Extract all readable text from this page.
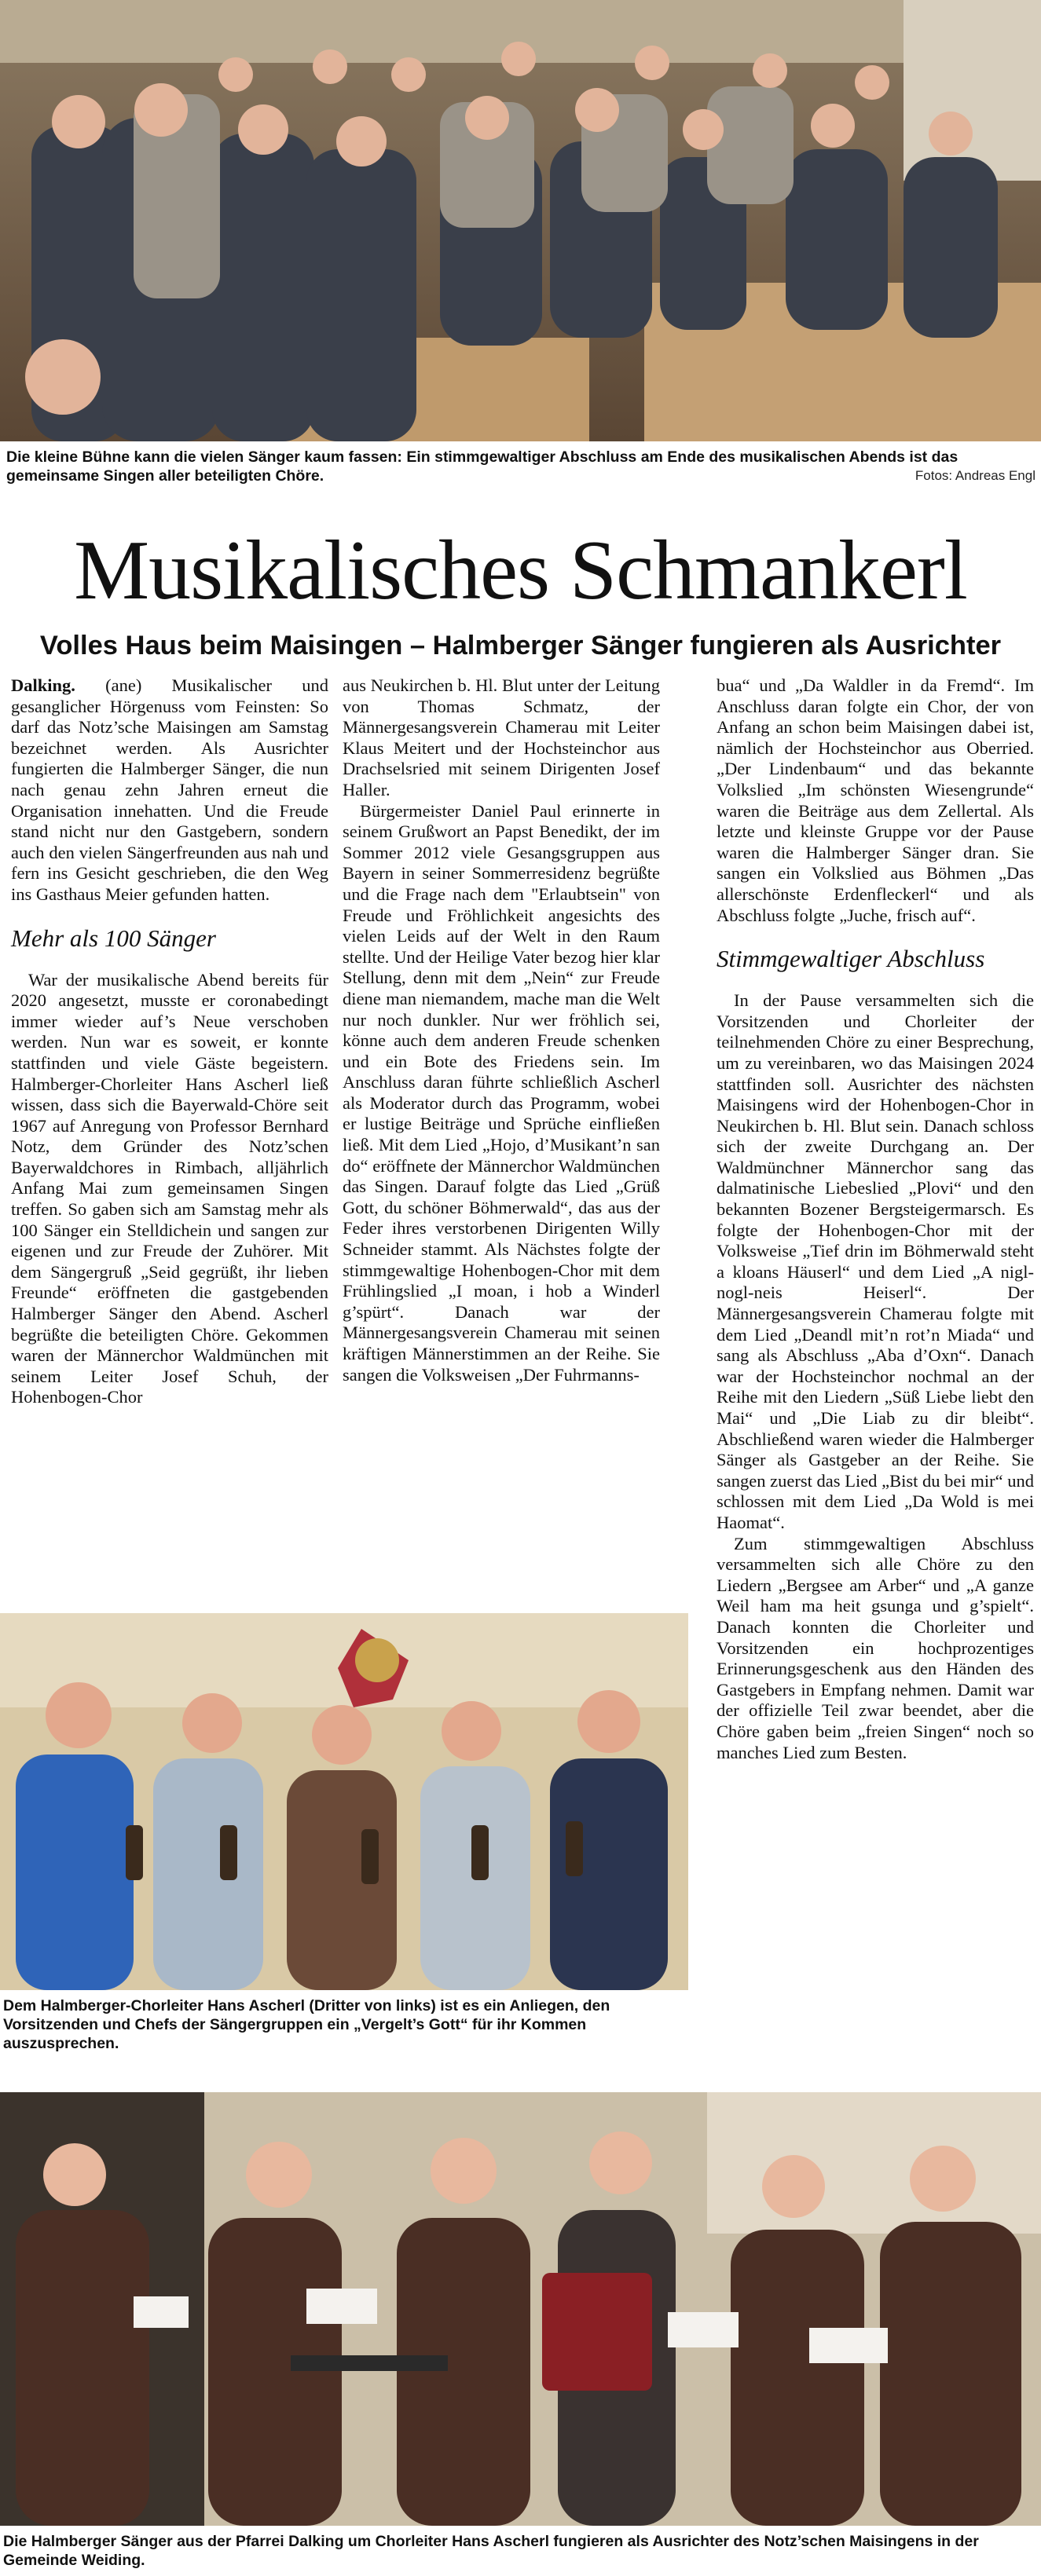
Die kleine Bühne kann die vielen Sänger kaum fassen: Ein stimmgewaltiger Abschluss am Ende des musikalischen Abends ist das gemeinsame Singen aller beteiligten Chöre.	Fotos: Andreas Engl
Musikalisches Schmankerl
Volles Haus beim Maisingen – Halmberger Sänger fungieren als Ausrichter

Dalking. (ane) Musikalischer und gesanglicher Hörgenuss vom Feinsten: So darf das Notz’sche Maisingen am Samstag bezeichnet werden. Als Ausrichter fungierten die Halmberger Sänger, die nun nach genau zehn Jahren erneut die Organisation innehatten. Und die Freude stand nicht nur den Gastgebern, sondern auch den vielen Sängerfreunden aus nah und fern ins Gesicht geschrieben, die den Weg ins Gasthaus Meier gefunden hatten.

Mehr als 100 Sänger

War der musikalische Abend bereits für 2020 angesetzt, musste er coronabedingt immer wieder auf’s Neue verschoben werden. Nun war es soweit, er konnte stattfinden und viele Gäste begeistern. Halmberger-Chorleiter Hans Ascherl ließ wissen, dass sich die Bayerwald-Chöre seit 1967 auf Anregung von Professor Bernhard Notz, dem Gründer des Notz’schen Bayerwaldchores in Rimbach, alljährlich Anfang Mai zum gemeinsamen Singen treffen. So gaben sich am Samstag mehr als 100 Sänger ein Stelldichein und sangen zur eigenen und zur Freude der Zuhörer. Mit dem Sängergruß „Seid gegrüßt, ihr lieben Freunde“ eröffneten die gastgebenden Halmberger Sänger den Abend. Ascherl begrüßte die beteiligten Chöre. Gekommen waren der Männerchor Waldmünchen mit seinem Leiter Josef Schuh, der Hohenbogen-Chor

aus Neukirchen b. Hl. Blut unter der Leitung von Thomas Schmatz, der Männergesangsverein Chamerau mit Leiter Klaus Meitert und der Hochsteinchor aus Drachselsried mit seinem Dirigenten Josef Haller.

Bürgermeister Daniel Paul erinnerte in seinem Grußwort an Papst Benedikt, der im Sommer 2012 viele Gesangsgruppen aus Bayern in seiner Sommerresidenz begrüßte und die Frage nach dem "Erlaubtsein" von Freude und Fröhlichkeit angesichts des vielen Leids auf der Welt in den Raum stellte. Und der Heilige Vater bezog hier klar Stellung, denn mit dem „Nein“ zur Freude diene man niemandem, mache man die Welt nur noch dunkler. Nur wer fröhlich sei, könne auch dem anderen Freude schenken und ein Bote des Friedens sein. Im Anschluss daran führte schließlich Ascherl als Moderator durch das Programm, wobei er lustige Beiträge und Sprüche einfließen ließ. Mit dem Lied „Hojo, d’Musikant’n san do“ eröffnete der Männerchor Waldmünchen das Singen. Darauf folgte das Lied „Grüß Gott, du schöner Böhmerwald“, das aus der Feder ihres verstorbenen Dirigenten Willy Schneider stammt. Als Nächstes folgte der stimmgewaltige Hohenbogen-Chor mit dem Frühlingslied „I moan, i hob a Winderl g’spürt“. Danach war der Männergesangsverein Chamerau mit seinen kräftigen Männerstimmen an der Reihe. Sie sangen die Volksweisen „Der Fuhrmanns-

bua“ und „Da Waldler in da Fremd“. Im Anschluss daran folgte ein Chor, der von Anfang an schon beim Maisingen dabei ist, nämlich der Hochsteinchor aus Oberried. „Der Lindenbaum“ und das bekannte Volkslied „Im schönsten Wiesengrunde“ waren die Beiträge aus dem Zellertal. Als letzte und kleinste Gruppe vor der Pause waren die Halmberger Sänger dran. Sie sangen ein Volkslied aus Böhmen „Das allerschönste Erdenfleckerl“ und als Abschluss folgte „Juche, frisch auf“.

Stimmgewaltiger Abschluss

In der Pause versammelten sich die Vorsitzenden und Chorleiter der teilnehmenden Chöre zu einer Besprechung, um zu vereinbaren, wo das Maisingen 2024 stattfinden soll. Ausrichter des nächsten Maisingens wird der Hohenbogen-Chor in Neukirchen b. Hl. Blut sein. Danach schloss sich der zweite Durchgang an. Der Waldmünchner Männerchor sang das dalmatinische Liebeslied „Plovi“ und den bekannten Bozener Bergsteigermarsch. Es folgte der Hohenbogen-Chor mit der Volksweise „Tief drin im Böhmerwald steht a kloans Häuserl“ und dem Lied „A nigl-nogl-neis Heiserl“. Der Männergesangsverein Chamerau folgte mit dem Lied „Deandl mit’n rot’n Miada“ und sang als Abschluss „Aba d’Oxn“. Danach war der Hochsteinchor nochmal an der Reihe mit den Liedern „Süß Liebe liebt den Mai“ und „Die Liab zu dir bleibt“. Abschließend waren wieder die Halmberger Sänger als Gastgeber an der Reihe. Sie sangen zuerst das Lied „Bist du bei mir“ und schlossen mit dem Lied „Da Wold is mei Haomat“.

Zum stimmgewaltigen Abschluss versammelten sich alle Chöre zu den Liedern „Bergsee am Arber“ und „A ganze Weil ham ma heit gsunga und g’spielt“. Danach konnten die Chorleiter und Vorsitzenden ein hochprozentiges Erinnerungsgeschenk aus den Händen des Gastgebers in Empfang nehmen. Damit war der offizielle Teil zwar beendet, aber die Chöre gaben beim „freien Singen“ noch so manches Lied zum Besten.

Dem Halmberger-Chorleiter Hans Ascherl (Dritter von links) ist es ein Anliegen, den Vorsitzenden und Chefs der Sängergruppen ein „Vergelt’s Gott“ für ihr Kommen auszusprechen.
Die Halmberger Sänger aus der Pfarrei Dalking um Chorleiter Hans Ascherl fungieren als Ausrichter des Notz’schen Maisingens in der Gemeinde Weiding.
